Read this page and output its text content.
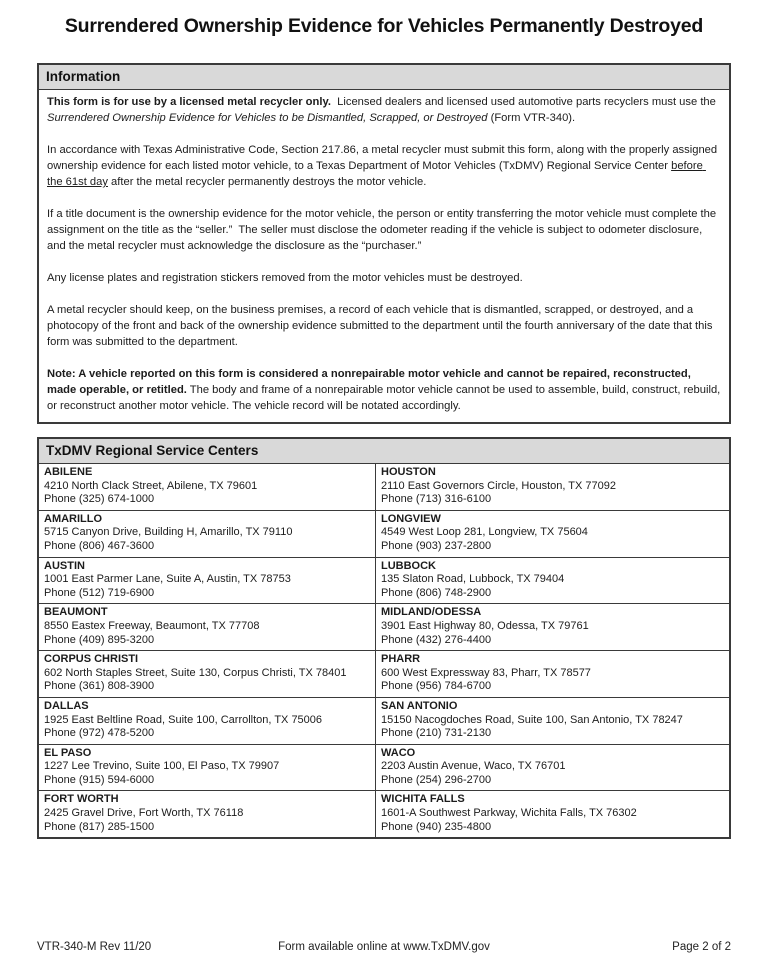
Surrendered Ownership Evidence for Vehicles Permanently Destroyed
Information

This form is for use by a licensed metal recycler only.  Licensed dealers and licensed used automotive parts recyclers must use the Surrendered Ownership Evidence for Vehicles to be Dismantled, Scrapped, or Destroyed (Form VTR-340).

In accordance with Texas Administrative Code, Section 217.86, a metal recycler must submit this form, along with the properly assigned ownership evidence for each listed motor vehicle, to a Texas Department of Motor Vehicles (TxDMV) Regional Service Center before the 61st day after the metal recycler permanently destroys the motor vehicle.

If a title document is the ownership evidence for the motor vehicle, the person or entity transferring the motor vehicle must complete the assignment on the title as the “seller.”  The seller must disclose the odometer reading if the vehicle is subject to odometer disclosure, and the metal recycler must acknowledge the disclosure as the “purchaser.”

Any license plates and registration stickers removed from the motor vehicles must be destroyed.

A metal recycler should keep, on the business premises, a record of each vehicle that is dismantled, scrapped, or destroyed, and a photocopy of the front and back of the ownership evidence submitted to the department until the fourth anniversary of the date that this form was submitted to the department.

Note: A vehicle reported on this form is considered a nonrepairable motor vehicle and cannot be repaired, reconstructed, made operable, or retitled. The body and frame of a nonrepairable motor vehicle cannot be used to assemble, build, construct, rebuild, or reconstruct another motor vehicle. The vehicle record will be notated accordingly.

TxDMV Regional Service Centers
ABILENE
4210 North Clack Street, Abilene, TX 79601
Phone (325) 674-1000
HOUSTON
2110 East Governors Circle, Houston, TX 77092
Phone (713) 316-6100
AMARILLO
5715 Canyon Drive, Building H, Amarillo, TX 79110
Phone (806) 467-3600
LONGVIEW
4549 West Loop 281, Longview, TX 75604
Phone (903) 237-2800
AUSTIN
1001 East Parmer Lane, Suite A, Austin, TX 78753
Phone (512) 719-6900
LUBBOCK
135 Slaton Road, Lubbock, TX 79404
Phone (806) 748-2900
BEAUMONT
8550 Eastex Freeway, Beaumont, TX 77708
Phone (409) 895-3200
MIDLAND/ODESSA
3901 East Highway 80, Odessa, TX 79761
Phone (432) 276-4400
CORPUS CHRISTI
602 North Staples Street, Suite 130, Corpus Christi, TX 78401
Phone (361) 808-3900
PHARR
600 West Expressway 83, Pharr, TX 78577
Phone (956) 784-6700
DALLAS
1925 East Beltline Road, Suite 100, Carrollton, TX 75006
Phone (972) 478-5200
SAN ANTONIO
15150 Nacogdoches Road, Suite 100, San Antonio, TX 78247
Phone (210) 731-2130
EL PASO
1227 Lee Trevino, Suite 100, El Paso, TX 79907
Phone (915) 594-6000
WACO
2203 Austin Avenue, Waco, TX 76701
Phone (254) 296-2700
FORT WORTH
2425 Gravel Drive, Fort Worth, TX 76118
Phone (817) 285-1500
WICHITA FALLS
1601-A Southwest Parkway, Wichita Falls, TX 76302
Phone (940) 235-4800
VTR-340-M Rev 11/20	Form available online at www.TxDMV.gov	Page 2 of 2
